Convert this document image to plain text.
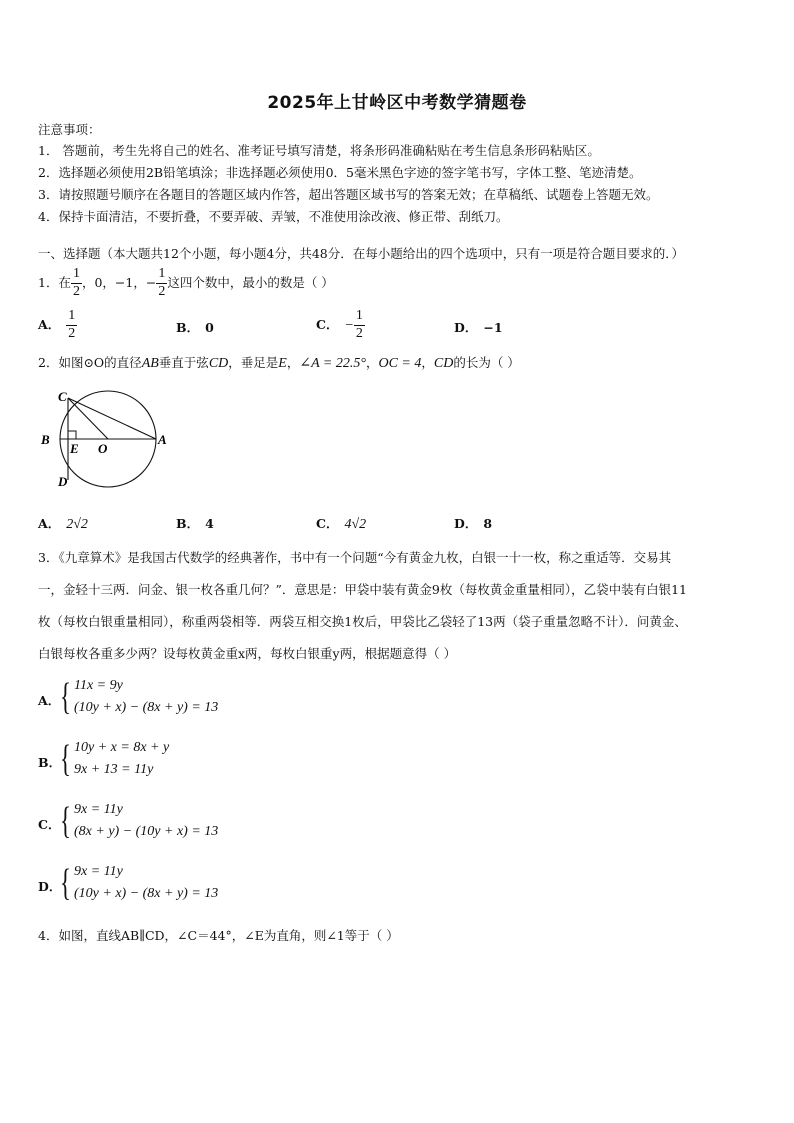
2025年上甘岭区中考数学猜题卷
注意事项：
1． 答题前，考生先将自己的姓名、准考证号填写清楚，将条形码准确粘贴在考生信息条形码粘贴区。
2．选择题必须使用2B铅笔填涂；非选择题必须使用0．5毫米黑色字迹的签字笔书写，字体工整、笔迹清楚。
3．请按照题号顺序在各题目的答题区域内作答，超出答题区域书写的答案无效；在草稿纸、试题卷上答题无效。
4．保持卡面清洁，不要折叠，不要弄破、弄皱，不准使用涂改液、修正带、刮纸刀。
一、选择题（本大题共12个小题，每小题4分，共48分．在每小题给出的四个选项中，只有一项是符合题目要求的．）
1．在 $\frac{1}{2}$ ，0，−1，− $\frac{1}{2}$ 这四个数中，最小的数是（ ）
A． $\frac{1}{2}$	B． 0	C． − $\frac{1}{2}$	D． −1
2．如图⊙O的直径AB垂直于弦CD，垂足是E，∠A = 22.5°，OC = 4，CD的长为（ ）
C
B
E O
A
D
A． 2√2	B． 4	C． 4√2	D． 8
3．《九章算术》是我国古代数学的经典著作，书中有一个问题“今有黄金九枚，白银一十一枚，称之重适等．交易其
一，金轻十三两．问金、银一枚各重几何？”．意思是：甲袋中装有黄金9枚（每枚黄金重量相同），乙袋中装有白银11
枚（每枚白银重量相同），称重两袋相等．两袋互相交换1枚后，甲袋比乙袋轻了13两（袋子重量忽略不计）．问黄金、
白银每枚各重多少两？设每枚黄金重x两，每枚白银重y两，根据题意得（ ）
A． { 11x = 9y
(10y + x) − (8x + y) = 13
B．
{ 10y + x = 8x + y
9x + 13 = 11y
C． { 9x = 11y
(8x + y) − (10y + x) = 13
D．
{ 9x = 11y
(10y + x) − (8x + y) = 13
4．如图，直线AB∥CD，∠C＝44°，∠E为直角，则∠1等于（ ）
